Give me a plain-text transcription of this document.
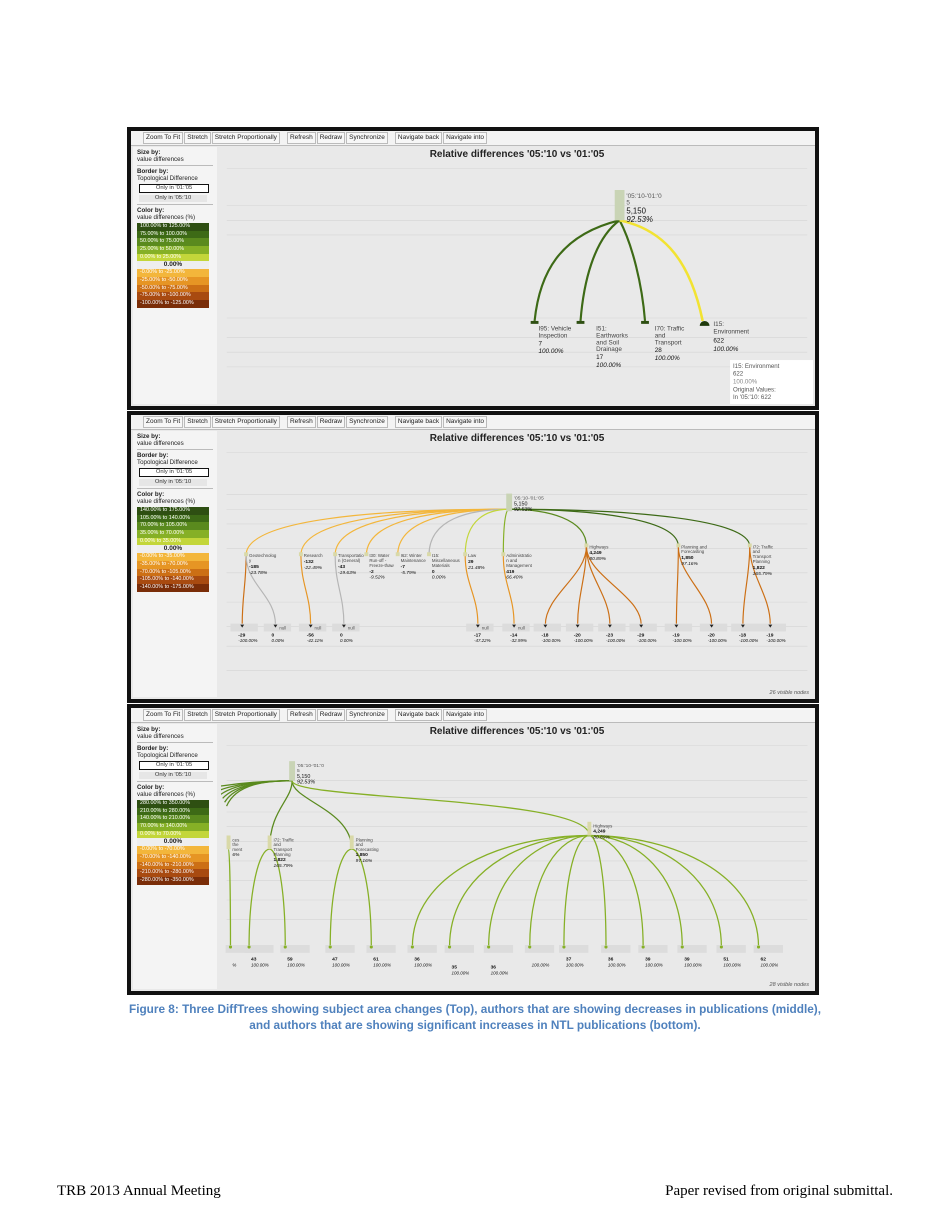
Zoom To Fit	Stretch	Stretch Proportionally	Refresh	Redraw	Synchronize	Navigate back	Navigate into
Size by:
value differences
Border by:
Topological Difference
Only in '01:'05
Only in '05:'10
Color by:
value differences (%)
100.00% to 125.00%
75.00% to 100.00%
50.00% to 75.00%
25.00% to 50.00%
0.00% to 25.00%
0.00%
-0.00% to -25.00%
-25.00% to -50.00%
-50.00% to -75.00%
-75.00% to -100.00%
-100.00% to -125.00%
Relative differences '05:'10 vs '01:'05
'05:'10-'01:'0
5
5,150
92.53%
I95: Vehicle
Inspection
7
100.00%
I51:
Earthworks
and Soil
Drainage
17
100.00%
I70: Traffic
and
Transport
28
100.00%
I15:
Environment
622
100.00%
I15: Environment
622
100.00%
Original Values:
In '05:'10: 622
Zoom To Fit	Stretch	Stretch Proportionally	Refresh	Redraw	Synchronize	Navigate back	Navigate into
Size by:
value differences
Border by:
Topological Difference
Only in '01:'05
Only in '05:'10
Color by:
value differences (%)
140.00% to 175.00%
105.00% to 140.00%
70.00% to 105.00%
35.00% to 70.00%
0.00% to 35.00%
0.00%
-0.00% to -35.00%
-35.00% to -70.00%
-70.00% to -105.00%
-105.00% to -140.00%
-140.00% to -175.00%
Relative differences '05:'10 vs '01:'05
'05:'10-'01:'05
5,150
92.53%
Geotechnolog
y
-185
-23.78%
Research
-132
-22.49%
Transportatio
n (General)
-43
-19.63%
I30: Water
Run-off -
Freeze-thaw
-2
-9.52%
I62: Winter
Maintenance
-7
-5.79%
I15:
Miscellaneous
Materials
0
0.00%
Law
29
21.48%
Administratio
n and
Management
419
66.40%
Highways
4,249
80.89%
Planning and
Forecasting
1,850
97.16%
I72: Traffic
and
Transport
Planning
1,822
165.79%
-29
-100.00%
null
0
0.00%
null
-56
-42.11%
null
0
0.00%
null
-17
-47.22%
null
-14
-32.99%
-18
-100.00%
-20
-100.00%
-23
-100.00%
-29
-100.00%
-19
-100.00%
-20
-100.00%
-18
-100.00%
-19
-100.00%
26 visible nodes
Zoom To Fit	Stretch	Stretch Proportionally	Refresh	Redraw	Synchronize	Navigate back	Navigate into
Size by:
value differences
Border by:
Topological Difference
Only in '01:'05
Only in '05:'10
Color by:
value differences (%)
280.00% to 350.00%
210.00% to 280.00%
140.00% to 210.00%
70.00% to 140.00%
0.00% to 70.00%
0.00%
-0.00% to -70.00%
-70.00% to -140.00%
-140.00% to -210.00%
-210.00% to -280.00%
-280.00% to -350.00%
Relative differences '05:'10 vs '01:'05
'05:'10-'01:'0
5
5,150
92.53%
ces
the
ment
6%
I72: Traffic
and
Transport
Planning
1,822
165.79%
Planning
and
Forecasting
1,850
97.16%
Highways
4,249
80.89%
%
43
100.00%
59
100.00%
47
100.00%
61
100.00%
36
100.00%
35
100.00%
36
100.00%
100.00%
37
100.00%
36
100.00%
39
100.00%
39
100.00%
51
100.00%
62
100.00%
28 visible nodes
Figure 8: Three DiffTrees showing subject area changes (Top), authors that are showing decreases in publications (middle),
and authors that are showing significant increases in NTL publications (bottom).
TRB 2013 Annual Meeting	Paper revised from original submittal.
